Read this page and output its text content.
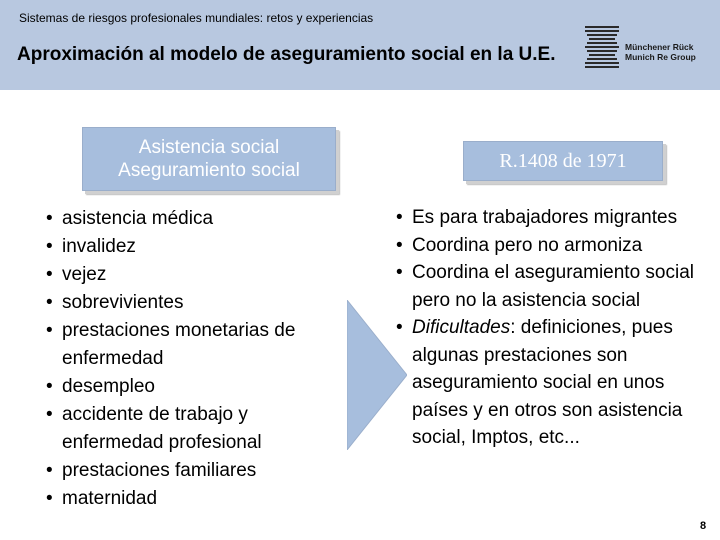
Sistemas de riesgos profesionales mundiales: retos y experiencias
Aproximación al modelo de aseguramiento social en la U.E.	Münchener Rück
Munich Re Group
Asistencia social
Aseguramiento social	R.1408 de 1971
• asistencia médica
• invalidez
• vejez
• sobrevivientes
• prestaciones monetarias de enfermedad
• desempleo
• accidente de trabajo y enfermedad profesional
• prestaciones familiares
• maternidad
• Es para trabajadores migrantes
• Coordina pero no armoniza
• Coordina el aseguramiento social pero no la asistencia social
• Dificultades: definiciones, pues algunas prestaciones son aseguramiento social en unos países y en otros son asistencia social, Imptos, etc...
8
